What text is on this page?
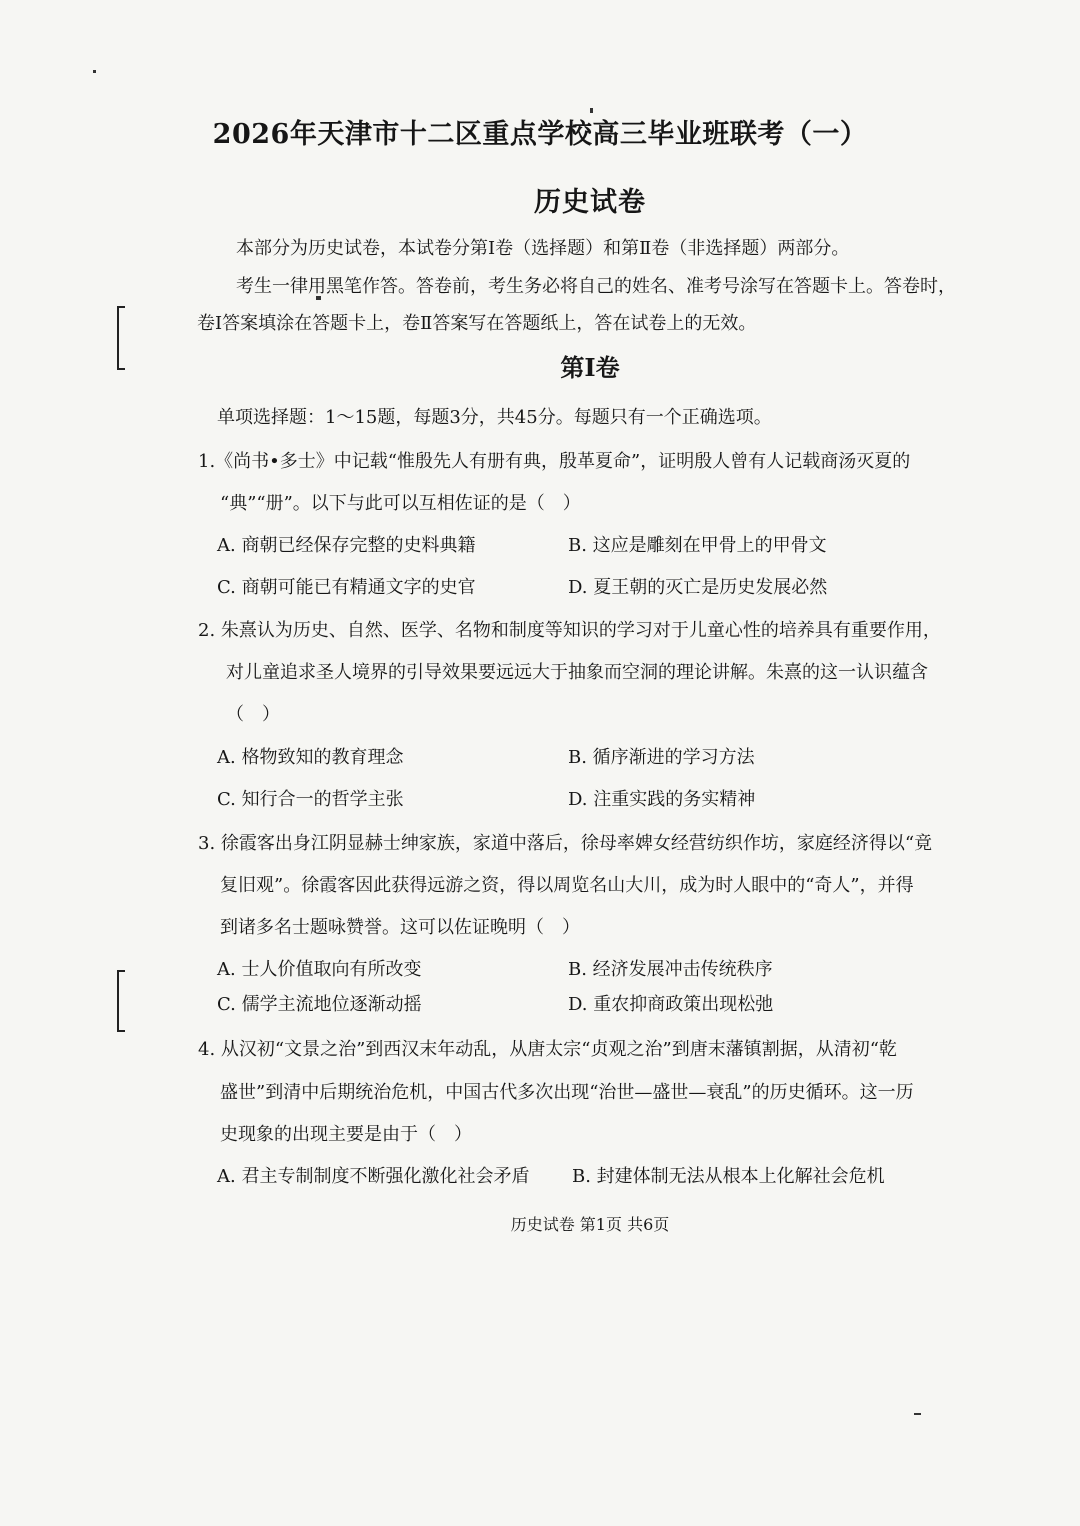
2026年天津市十二区重点学校高三毕业班联考（一）
历史试卷
本部分为历史试卷，本试卷分第Ⅰ卷（选择题）和第Ⅱ卷（非选择题）两部分。
考生一律用黑笔作答。答卷前，考生务必将自己的姓名、准考号涂写在答题卡上。答卷时，
卷Ⅰ答案填涂在答题卡上，卷Ⅱ答案写在答题纸上，答在试卷上的无效。
第Ⅰ卷
单项选择题：1～15题，每题3分，共45分。每题只有一个正确选项。
1.《尚书•多士》中记载“惟殷先人有册有典，殷革夏命”，证明殷人曾有人记载商汤灭夏的
“典”“册”。以下与此可以互相佐证的是（　）
A. 商朝已经保存完整的史料典籍	B. 这应是雕刻在甲骨上的甲骨文
C. 商朝可能已有精通文字的史官	D. 夏王朝的灭亡是历史发展必然
2. 朱熹认为历史、自然、医学、名物和制度等知识的学习对于儿童心性的培养具有重要作用，
对儿童追求圣人境界的引导效果要远远大于抽象而空洞的理论讲解。朱熹的这一认识蕴含
（　）
A. 格物致知的教育理念	B. 循序渐进的学习方法
C. 知行合一的哲学主张	D. 注重实践的务实精神
3. 徐霞客出身江阴显赫士绅家族，家道中落后，徐母率婢女经营纺织作坊，家庭经济得以“竟
复旧观”。徐霞客因此获得远游之资，得以周览名山大川，成为时人眼中的“奇人”，并得
到诸多名士题咏赞誉。这可以佐证晚明（　）
A. 士人价值取向有所改变	B. 经济发展冲击传统秩序
C. 儒学主流地位逐渐动摇	D. 重农抑商政策出现松弛
4. 从汉初“文景之治”到西汉末年动乱，从唐太宗“贞观之治”到唐末藩镇割据，从清初“乾
盛世”到清中后期统治危机，中国古代多次出现“治世—盛世—衰乱”的历史循环。这一历
史现象的出现主要是由于（　）
A. 君主专制制度不断强化激化社会矛盾 B. 封建体制无法从根本上化解社会危机
历史试卷 第1页 共6页
